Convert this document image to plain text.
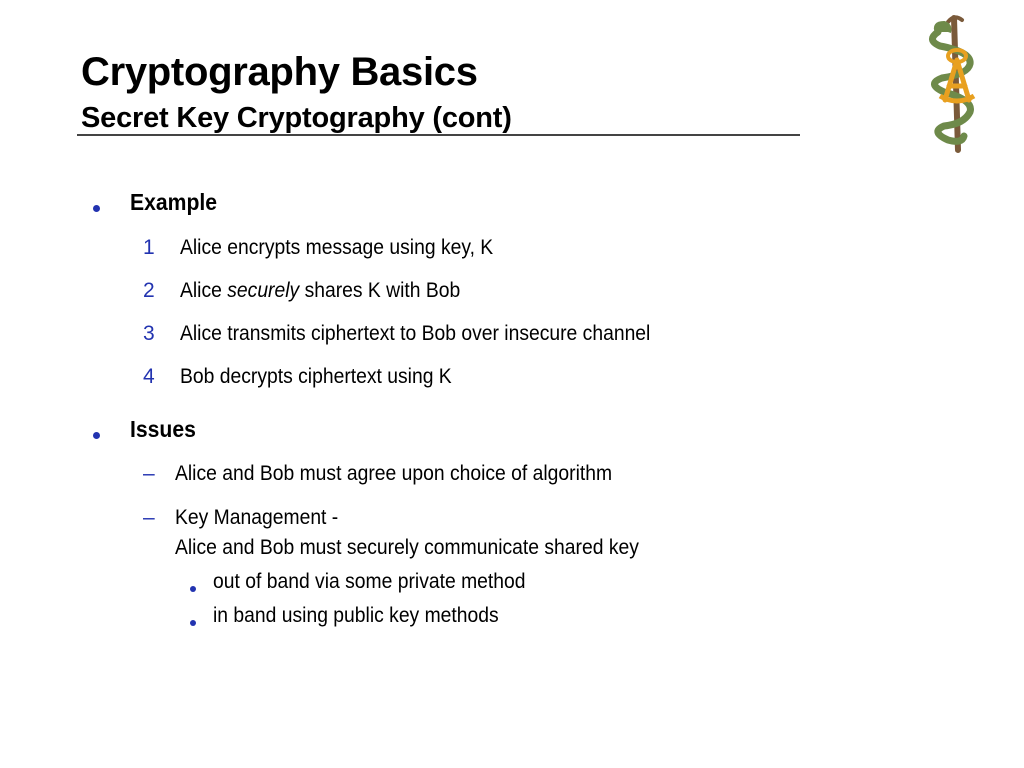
Cryptography Basics
Secret Key Cryptography (cont)
Example
1 Alice encrypts message using key, K
2 Alice securely shares K with Bob
3 Alice transmits ciphertext to Bob over insecure channel
4 Bob decrypts ciphertext using K
Issues
– Alice and Bob must agree upon choice of algorithm
– Key Management -
Alice and Bob must securely communicate shared key
out of band via some private method
in band using public key methods
